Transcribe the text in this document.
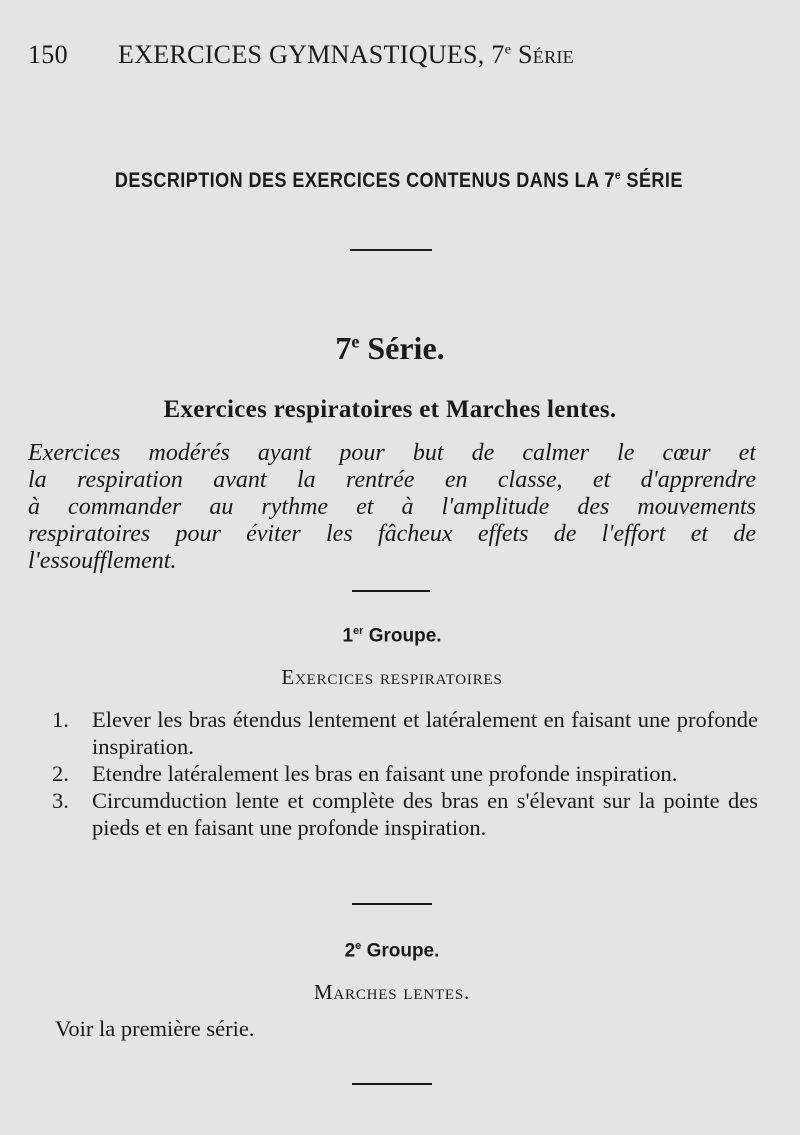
150 EXERCICES GYMNASTIQUES, 7e Série
DESCRIPTION DES EXERCICES CONTENUS DANS LA 7e SÉRIE
7e Série.
Exercices respiratoires et Marches lentes.
Exercices modérés ayant pour but de calmer le cœur et
la respiration avant la rentrée en classe, et d'apprendre
à commander au rythme et à l'amplitude des mouvements
respiratoires pour éviter les fâcheux effets de l'effort et de
l'essoufflement.
1er Groupe.
Exercices respiratoires
1. Elever les bras étendus lentement et latéralement en faisant une profonde inspiration.
2. Etendre latéralement les bras en faisant une profonde inspiration.
3. Circumduction lente et complète des bras en s'élevant sur la pointe des pieds et en faisant une profonde inspiration.
2e Groupe.
Marches lentes.
Voir la première série.
